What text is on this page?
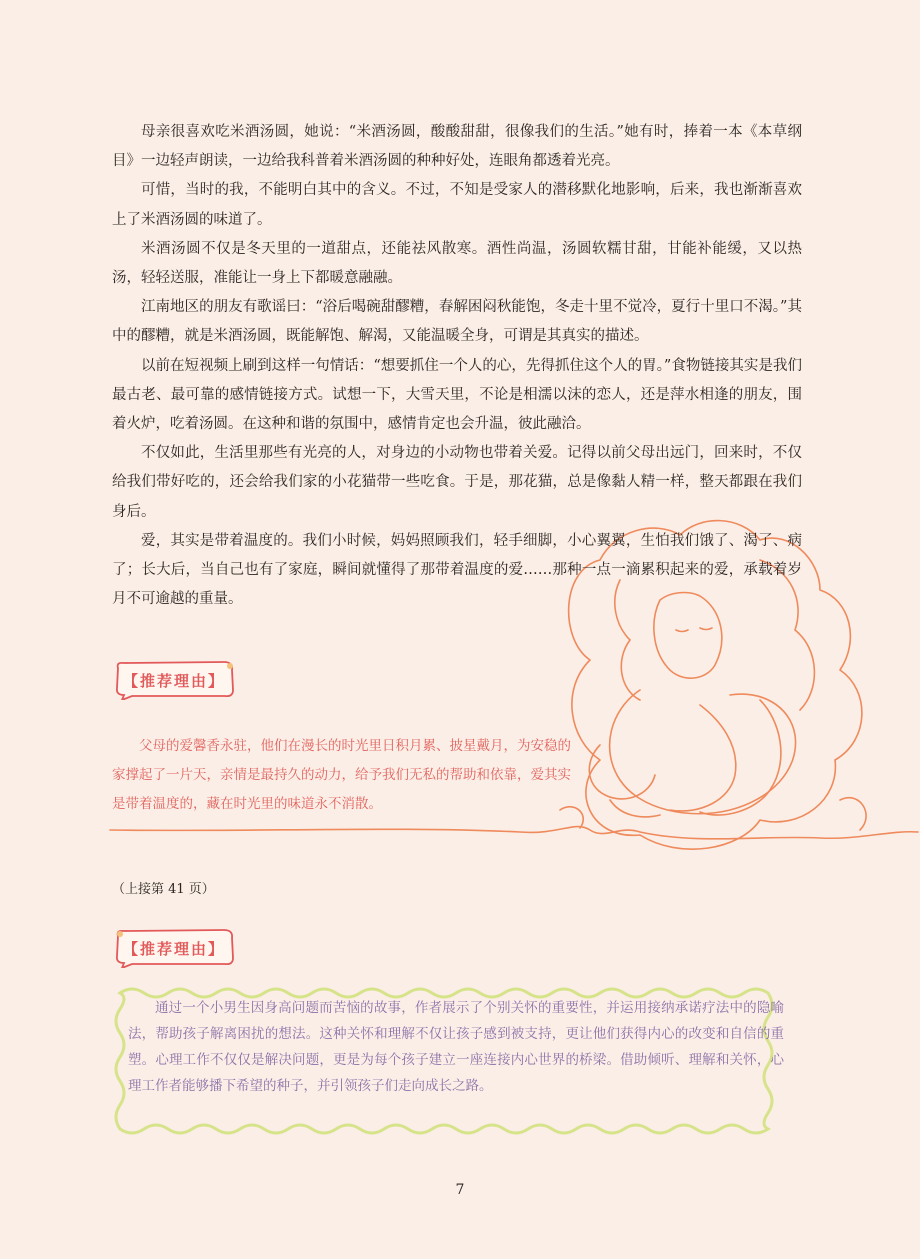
母亲很喜欢吃米酒汤圆，她说：“米酒汤圆，酸酸甜甜，很像我们的生活。”她有时，捧着一本《本草纲目》一边轻声朗读，一边给我科普着米酒汤圆的种种好处，连眼角都透着光亮。

可惜，当时的我，不能明白其中的含义。不过，不知是受家人的潜移默化地影响，后来，我也渐渐喜欢上了米酒汤圆的味道了。

米酒汤圆不仅是冬天里的一道甜点，还能祛风散寒。酒性尚温，汤圆软糯甘甜，甘能补能缓，又以热汤，轻轻送服，准能让一身上下都暖意融融。

江南地区的朋友有歌谣曰：“浴后喝碗甜醪糟，春解困闷秋能饱，冬走十里不觉冷，夏行十里口不渴。”其中的醪糟，就是米酒汤圆，既能解饱、解渴，又能温暖全身，可谓是其真实的描述。

以前在短视频上刷到这样一句情话：“想要抓住一个人的心，先得抓住这个人的胃。”食物链接其实是我们最古老、最可靠的感情链接方式。试想一下，大雪天里，不论是相濡以沫的恋人，还是萍水相逢的朋友，围着火炉，吃着汤圆。在这种和谐的氛围中，感情肯定也会升温，彼此融洽。

不仅如此，生活里那些有光亮的人，对身边的小动物也带着关爱。记得以前父母出远门，回来时，不仅给我们带好吃的，还会给我们家的小花猫带一些吃食。于是，那花猫，总是像黏人精一样，整天都跟在我们身后。

爱，其实是带着温度的。我们小时候，妈妈照顾我们，轻手细脚，小心翼翼，生怕我们饿了、渴了、病了；长大后，当自己也有了家庭，瞬间就懂得了那带着温度的爱……那种一点一滴累积起来的爱，承载着岁月不可逾越的重量。

【推荐理由】

父母的爱馨香永驻，他们在漫长的时光里日积月累、披星戴月，为安稳的家撑起了一片天，亲情是最持久的动力，给予我们无私的帮助和依靠，爱其实是带着温度的，藏在时光里的味道永不消散。

（上接第 41 页）
【推荐理由】

通过一个小男生因身高问题而苦恼的故事，作者展示了个别关怀的重要性，并运用接纳承诺疗法中的隐喻法，帮助孩子解离困扰的想法。这种关怀和理解不仅让孩子感到被支持，更让他们获得内心的改变和自信的重塑。心理工作不仅仅是解决问题，更是为每个孩子建立一座连接内心世界的桥梁。借助倾听、理解和关怀，心理工作者能够播下希望的种子，并引领孩子们走向成长之路。

7
